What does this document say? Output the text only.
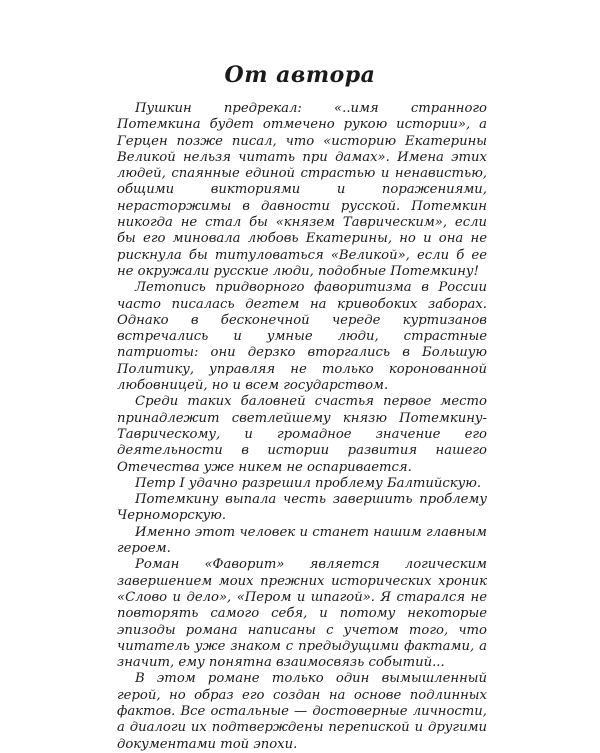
От автора

Пушкин предрекал: «..имя странного Потемкина будет отмечено рукою истории», а Герцен позже писал, что «историю Екатерины Великой нельзя читать при дамах». Имена этих людей, спаянные единой страстью и ненавистью, общими викториями и поражениями, нерасторжимы в давности русской. Потемкин никогда не стал бы «князем Таврическим», если бы его миновала любовь Екатерины, но и она не рискнула бы титуловаться «Великой», если б ее не окружали русские люди, подобные Потемкину!

Летопись придворного фаворитизма в России часто писалась дегтем на кривобоких заборах. Однако в бесконечной череде куртизанов встречались и умные люди, страстные патриоты: они дерзко вторгались в Большую Политику, управляя не только коронованной любовницей, но и всем государством.

Среди таких баловней счастья первое место принадлежит светлейшему князю Потемкину-Таврическому, и громадное значение его деятельности в истории развития нашего Отечества уже никем не оспаривается.

Петр I удачно разрешил проблему Балтийскую.

Потемкину выпала честь завершить проблему Черноморскую.

Именно этот человек и станет нашим главным героем.

Роман «Фаворит» является логическим завершением моих прежних исторических хроник «Слово и дело», «Пером и шпагой». Я старался не повторять самого себя, и потому некоторые эпизоды романа написаны с учетом того, что читатель уже знаком с предыдущими фактами, а значит, ему понятна взаимосвязь событий...

В этом романе только один вымышленный герой, но образ его создан на основе подлинных фактов. Все остальные — достоверные личности, а диалоги их подтверждены перепиской и другими документами той эпохи.
